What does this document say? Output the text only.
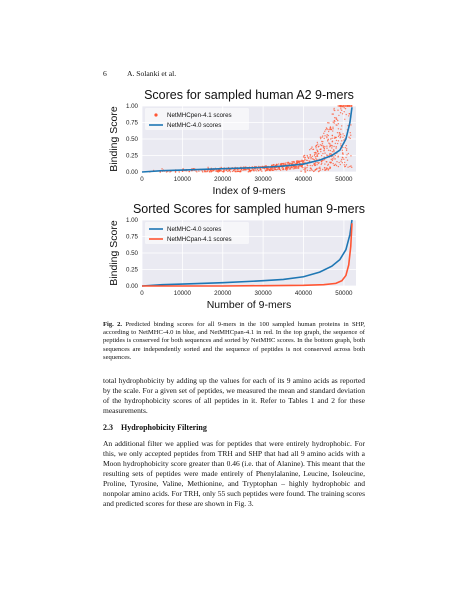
6	A. Solanki et al.
Scores for sampled human A2 9-mers
0.00
0.25
0.50
0.75
1.00
0	10000	20000	30000	40000	50000
Index of 9-mers
Binding Score	NetMHCpen-4.1 scores
NetMHC-4.0 scores
Sorted Scores for sampled human 9-mers
0.00
0.25
0.50
0.75
1.00
0	10000	20000	30000	40000	50000
Number of 9-mers
Binding Score	NetMHC-4.0 scores
NetMHCpan-4.1 scores

Fig. 2. Predicted binding scores for all 9-mers in the 100 sampled human proteins in SHP, according to NetMHC-4.0 in blue, and NetMHCpan-4.1 in red. In the top graph, the sequence of peptides is conserved for both sequences and sorted by NetMHC scores. In the bottom graph, both sequences are independently sorted and the sequence of peptides is not conserved across both sequences.

total hydrophobicity by adding up the values for each of its 9 amino acids as reported by the scale. For a given set of peptides, we measured the mean and standard deviation of the hydrophobicity scores of all peptides in it. Refer to Tables 1 and 2 for these measurements.

2.3 Hydrophobicity Filtering

An additional filter we applied was for peptides that were entirely hydrophobic. For this, we only accepted peptides from TRH and SHP that had all 9 amino acids with a Moon hydrophobicity score greater than 0.46 (i.e. that of Alanine). This meant that the resulting sets of peptides were made entirely of Phenylalanine, Leucine, Isoleucine, Proline, Tyrosine, Valine, Methionine, and Tryptophan – highly hydrophobic and nonpolar amino acids. For TRH, only 55 such peptides were found. The training scores and predicted scores for these are shown in Fig. 3.
